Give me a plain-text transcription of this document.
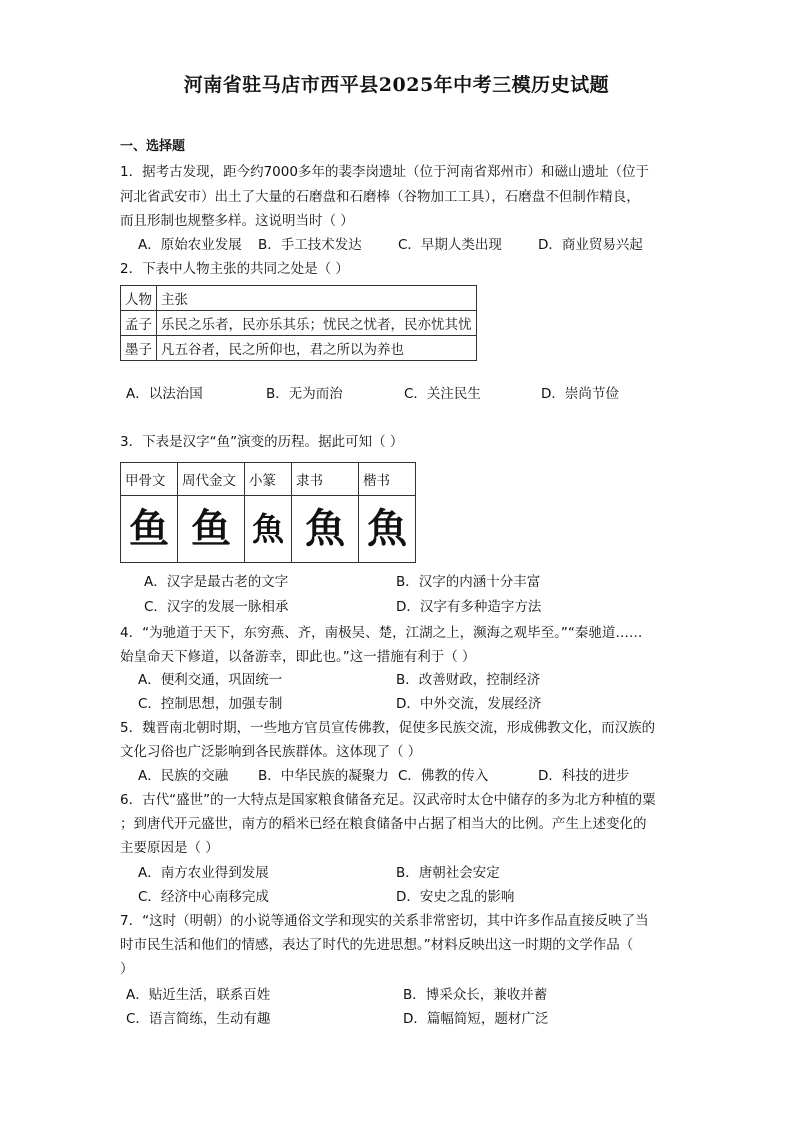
河南省驻马店市西平县2025年中考三模历史试题
一、选择题
1．据考古发现，距今约7000多年的裴李岗遗址（位于河南省郑州市）和磁山遗址（位于
河北省武安市）出土了大量的石磨盘和石磨棒（谷物加工工具），石磨盘不但制作精良，
而且形制也规整多样。这说明当时（ ）
A．原始农业发展 B．手工技术发达	C．早期人类出现	D．商业贸易兴起
2．下表中人物主张的共同之处是（ ）
人物	主张
孟子	乐民之乐者，民亦乐其乐；忧民之忧者，民亦忧其忧
墨子	凡五谷者，民之所仰也，君之所以为养也
A．以法治国	B．无为而治	C．关注民生	D．崇尚节俭
3．下表是汉字“鱼”演变的历程。据此可知（ ）
甲骨文	周代金文	小篆	隶书	楷书
鱼	鱼	魚	魚	魚
A．汉字是最古老的文字	B．汉字的内涵十分丰富
C．汉字的发展一脉相承	D．汉字有多种造字方法
4．“为驰道于天下，东穷燕、齐，南极吴、楚，江湖之上，濒海之观毕至。”“秦驰道……
始皇命天下修道，以备游幸，即此也。”这一措施有利于（ ）
A．便利交通，巩固统一	B．改善财政，控制经济
C．控制思想，加强专制	D．中外交流，发展经济
5．魏晋南北朝时期，一些地方官员宣传佛教，促使多民族交流，形成佛教文化，而汉族的
文化习俗也广泛影响到各民族群体。这体现了（ ）
A．民族的交融 B．中华民族的凝聚力 C．佛教的传入	D．科技的进步
6．古代“盛世”的一大特点是国家粮食储备充足。汉武帝时太仓中储存的多为北方种植的粟
；到唐代开元盛世，南方的稻米已经在粮食储备中占据了相当大的比例。产生上述变化的
主要原因是（ ）
A．南方农业得到发展	B．唐朝社会安定
C．经济中心南移完成	D．安史之乱的影响
7．“这时（明朝）的小说等通俗文学和现实的关系非常密切，其中许多作品直接反映了当
时市民生活和他们的情感，表达了时代的先进思想。”材料反映出这一时期的文学作品（
）
A．贴近生活，联系百姓	B．博采众长，兼收并蓄
C．语言简练，生动有趣	D．篇幅简短，题材广泛
